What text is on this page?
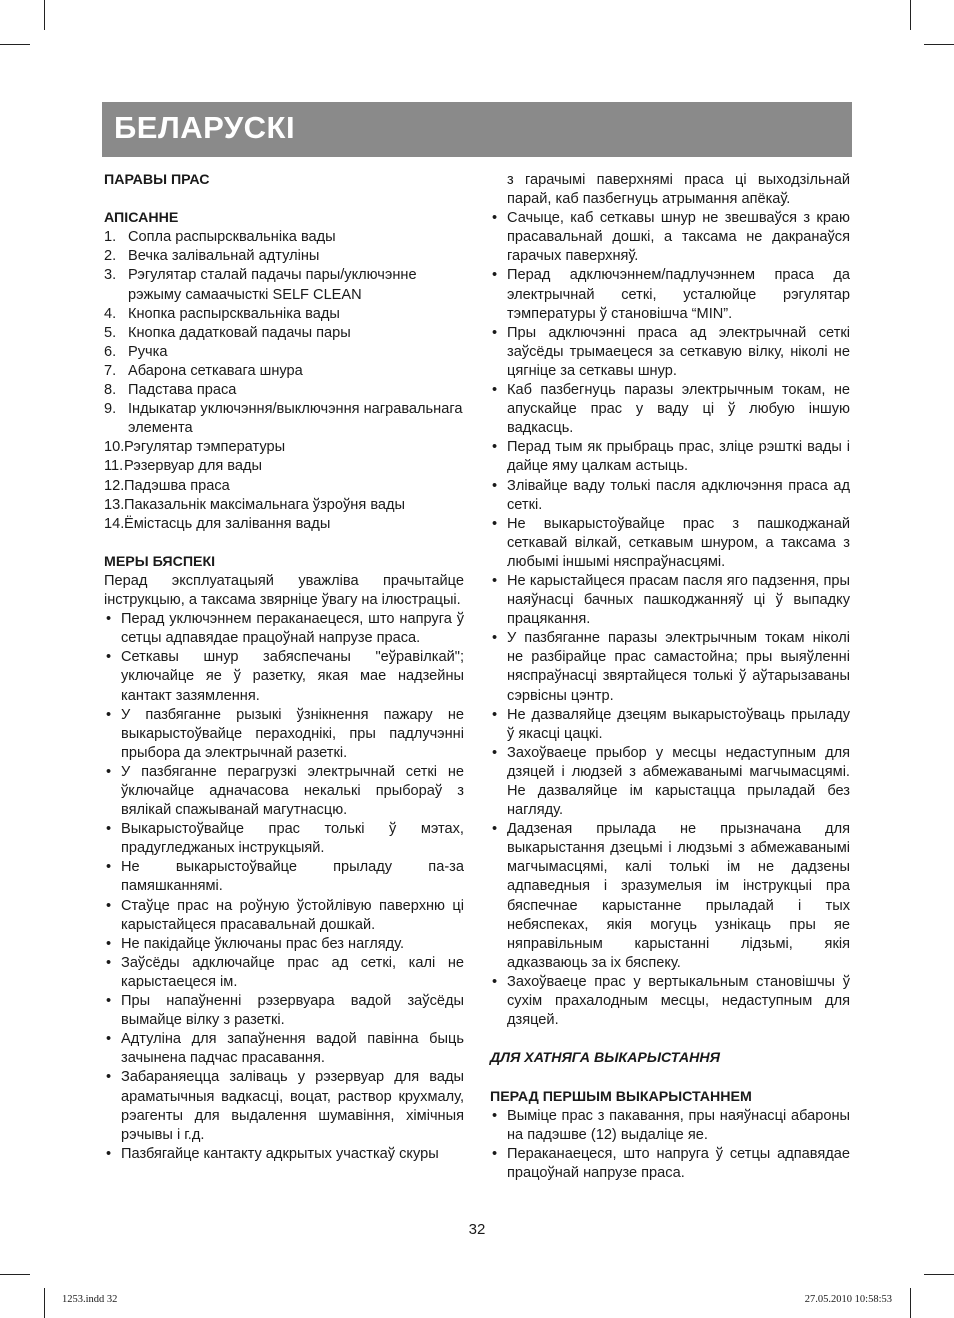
БЕЛАРУСКІ

ПАРАВЫ ПРАС

АПІСАННЕ

1. Сопла распырсквальніка вады
2. Вечка залівальнай адтуліны
3. Рэгулятар сталай падачы пары/уключэнне рэжыму самаачысткі SELF CLEAN
4. Кнопка распырсквальніка вады
5. Кнопка дадатковай падачы пары
6. Ручка
7. Абарона сеткавага шнура
8. Падстава праса
9. Індыкатар уключэння/выключэння награвальнага элемента
10. Рэгулятар тэмпературы
11. Рэзервуар для вады
12. Падэшва праса
13. Паказальнік максімальнага ўзроўня вады
14. Ёмістасць для залівання вады

МЕРЫ БЯСПЕКІ

Перад эксплуатацыяй уважліва прачытайце інструкцыю, а таксама звярніце ўвагу на ілюстрацыі.

• Перад уключэннем пераканаецеся, што напруга ў сетцы адпавядае працоўнай напрузе праса.
• Сеткавы шнур забяспечаны "еўравілкай"; уключайце яе ў разетку, якая мае надзейны кантакт зазямлення.
• У пазбяганне рызыкі ўзнікнення пажару не выкарыстоўвайце пераходнікі, пры падлучэнні прыбора да электрычнай разеткі.
• У пазбяганне перагрузкі электрычнай сеткі не ўключайце адначасова некалькі прыбораў з вялікай спажыванай магутнасцю.
• Выкарыстоўвайце прас толькі ў мэтах, прадугледжаных інструкцыяй.
• Не выкарыстоўвайце прыладу па-за памяшканнямі.
• Стаўце прас на роўную ўстойлівую паверхню ці карыстайцеся прасавальнай дошкай.
• Не пакідайце ўключаны прас без нагляду.
• Заўсёды адключайце прас ад сеткі, калі не карыстаецеся ім.
• Пры напаўненні рэзервуара вадой заўсёды вымайце вілку з разеткі.
• Адтуліна для запаўнення вадой павінна быць зачынена падчас прасавання.
• Забараняецца заліваць у рэзервуар для вады араматычныя вадкасці, воцат, раствор крухмалу, рэагенты для выдалення шумавіння, хімічныя рэчывы і г.д.
• Пазбягайце кантакту адкрытых участкаў скуры

з гарачымі паверхнямі праса ці выходзільнай парай, каб пазбегнуць атрымання апёкаў.

• Сачыце, каб сеткавы шнур не звешваўся з краю прасавальнай дошкі, а таксама не дакранаўся гарачых паверхняў.
• Перад адключэннем/падлучэннем праса да электрычнай сеткі, усталюйце рэгулятар тэмпературы ў становішча “MIN”.
• Пры адключэнні праса ад электрычнай сеткі заўсёды трымаецеся за сеткавую вілку, ніколі не цягніце за сеткавы шнур.
• Каб пазбегнуць паразы электрычным токам, не апускайце прас у ваду ці ў любую іншую вадкасць.
• Перад тым як прыбраць прас, зліце рэшткі вады і дайце яму цалкам астыць.
• Злівайце ваду толькі пасля адключэння праса ад сеткі.
• Не выкарыстоўвайце прас з пашкоджанай сеткавай вілкай, сеткавым шнуром, а таксама з любымі іншымі няспраўнасцямі.
• Не карыстайцеся прасам пасля яго падзення, пры наяўнасці бачных пашкоджанняў ці ў выпадку працякання.
• У пазбяганне паразы электрычным токам ніколі не разбірайце прас самастойна; пры выяўленні няспраўнасці звяртайцеся толькі ў аўтарызаваны сэрвісны цэнтр.
• Не дазваляйце дзецям выкарыстоўваць прыладу ў якасці цацкі.
• Захоўваеце прыбор у месцы недаступным для дзяцей і людзей з абмежаванымі магчымасцямі. Не дазваляйце ім карыстацца прыладай без нагляду.
• Дадзеная прылада не прызначана для выкарыстання дзецьмі і людзьмі з абмежаванымі магчымасцямі, калі толькі ім не дадзены адпаведныя і зразумелыя ім інструкцыі пра бяспечнае карыстанне прыладай і тых небяспеках, якія могуць узнікаць пры яе няправільным карыстанні лідзьмі, якія адказваюць за іх бяспеку.
• Захоўваеце прас у вертыкальным становішчы ў сухім прахалодным месцы, недаступным для дзяцей.

ДЛЯ ХАТНЯГА ВЫКАРЫСТАННЯ

ПЕРАД ПЕРШЫМ ВЫКАРЫСТАННЕМ

• Выміце прас з пакавання, пры наяўнасці абароны на падэшве (12) выдаліце яе.
• Пераканаецеся, што напруга ў сетцы адпавядае працоўнай напрузе праса.
32
1253.indd 32	27.05.2010 10:58:53
